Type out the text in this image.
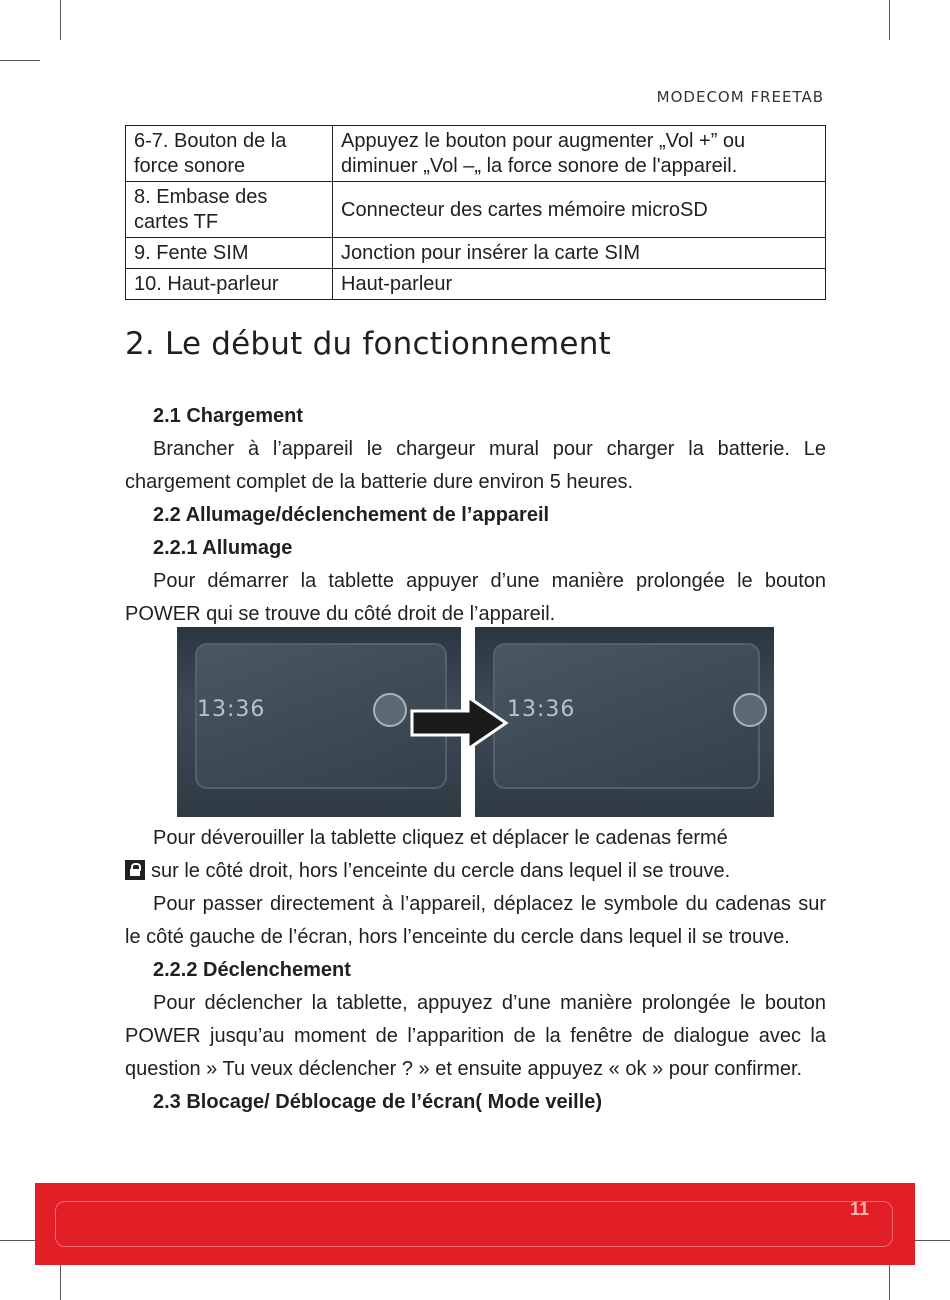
MODECOM FREETAB
6-7. Bouton de la force sonore	Appuyez le bouton pour augmenter „Vol +” ou diminuer „Vol –„ la force sonore de l'appareil.
8. Embase des cartes TF	Connecteur des cartes mémoire microSD
9. Fente SIM	Jonction pour insérer la carte SIM
10. Haut-parleur	Haut-parleur
2. Le début du fonctionnement

2.1 Chargement

Brancher à l’appareil le chargeur mural pour charger la batterie. Le chargement complet de la batterie dure environ 5 heures.

2.2 Allumage/déclenchement de l’appareil

2.2.1 Allumage

Pour démarrer la tablette appuyer d’une manière prolongée le bouton POWER qui se trouve du côté droit de l’appareil.

13:36	13:36

Pour déverouiller la tablette cliquez et déplacer le cadenas fermé

sur le côté droit, hors l’enceinte du cercle dans lequel il se trouve.

Pour passer directement à l’appareil, déplacez le symbole du cadenas sur le côté gauche de l’écran, hors l’enceinte du cercle dans lequel il se trouve.

2.2.2 Déclenchement

Pour déclencher la tablette, appuyez d’une manière prolongée le bouton POWER jusqu’au moment de l’apparition de la fenêtre de dialogue avec la question » Tu veux déclencher ? » et ensuite appuyez « ok » pour confirmer.

2.3 Blocage/ Déblocage de l’écran( Mode veille)

11
